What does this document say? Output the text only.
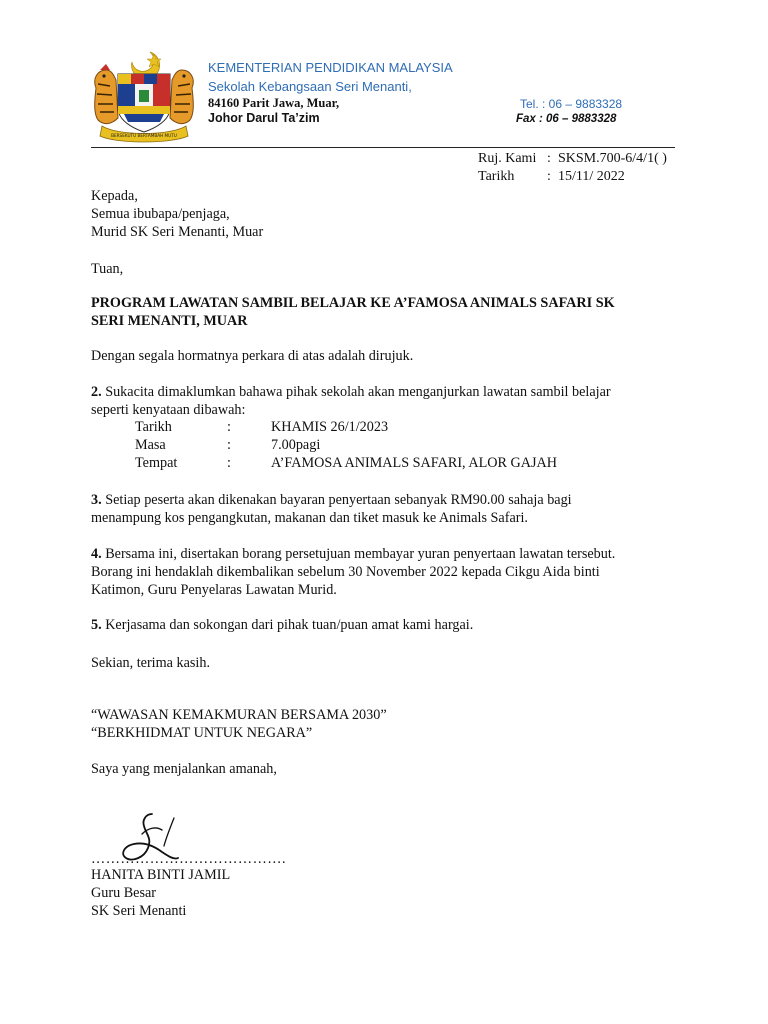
BERSEKUTU BERTAMBAH MUTU
KEMENTERIAN PENDIDIKAN MALAYSIA
Sekolah Kebangsaan Seri Menanti,
84160 Parit Jawa, Muar,
Johor Darul Ta’zim
Tel. : 06 – 9883328
Fax : 06 – 9883328
Ruj. Kami : SKSM.700-6/4/1( )
Tarikh : 15/11/ 2022
Kepada,
Semua ibubapa/penjaga,
Murid SK Seri Menanti, Muar
Tuan,
PROGRAM LAWATAN SAMBIL BELAJAR KE A’FAMOSA ANIMALS SAFARI SK
SERI MENANTI, MUAR
Dengan segala hormatnya perkara di atas adalah dirujuk.
2. Sukacita dimaklumkan bahawa pihak sekolah akan menganjurkan lawatan sambil belajar
seperti kenyataan dibawah:
Tarikh	:	KHAMIS 26/1/2023
Masa	:	7.00pagi
Tempat	:	A’FAMOSA ANIMALS SAFARI, ALOR GAJAH
3. Setiap peserta akan dikenakan bayaran penyertaan sebanyak RM90.00 sahaja bagi
menampung kos pengangkutan, makanan dan tiket masuk ke Animals Safari.
4. Bersama ini, disertakan borang persetujuan membayar yuran penyertaan lawatan tersebut.
Borang ini hendaklah dikembalikan sebelum 30 November 2022 kepada Cikgu Aida binti
Katimon, Guru Penyelaras Lawatan Murid.
5. Kerjasama dan sokongan dari pihak tuan/puan amat kami hargai.
Sekian, terima kasih.
“WAWASAN KEMAKMURAN BERSAMA 2030”
“BERKHIDMAT UNTUK NEGARA”
Saya yang menjalankan amanah,
………………………………….
HANITA BINTI JAMIL
Guru Besar
SK Seri Menanti
